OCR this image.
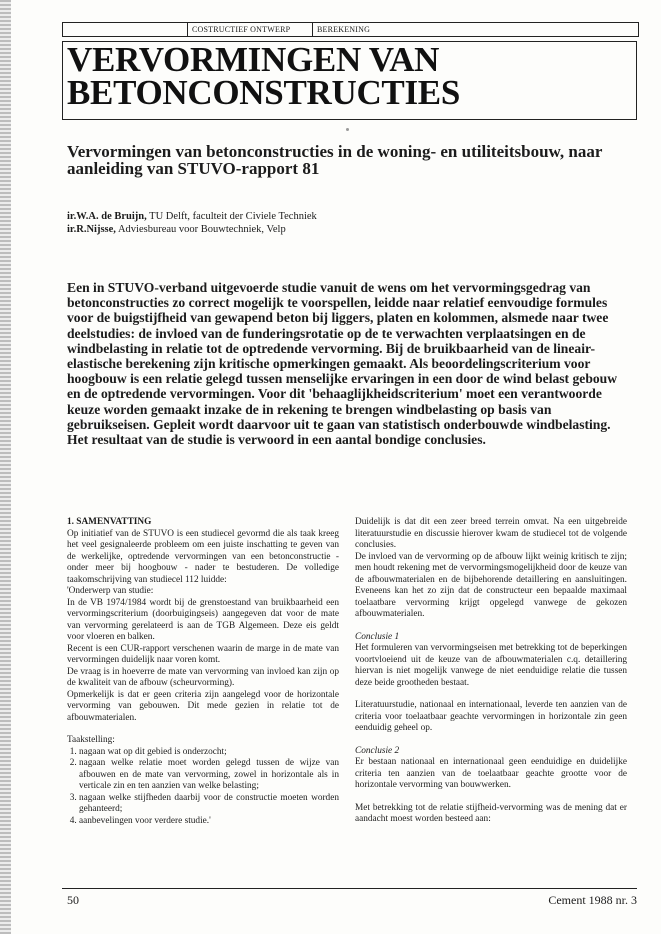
COSTRUCTIEF ONTWERP	BEREKENING
VERVORMINGEN VAN BETONCONSTRUCTIES

Vervormingen van betonconstructies in de woning- en utiliteitsbouw, naar aanleiding van STUVO-rapport 81

ir.W.A. de Bruijn, TU Delft, faculteit der Civiele Techniek
ir.R.Nijsse, Adviesbureau voor Bouwtechniek, Velp

Een in STUVO-verband uitgevoerde studie vanuit de wens om het vervormingsgedrag van betonconstructies zo correct mogelijk te voorspellen, leidde naar relatief eenvoudige formules voor de buigstijfheid van gewapend beton bij liggers, platen en kolommen, alsmede naar twee deelstudies: de invloed van de funderingsrotatie op de te verwachten verplaatsingen en de windbelasting in relatie tot de optredende vervorming. Bij de bruikbaarheid van de lineair-elastische berekening zijn kritische opmerkingen gemaakt. Als beoordelingscriterium voor hoogbouw is een relatie gelegd tussen menselijke ervaringen in een door de wind belast gebouw en de optredende vervormingen. Voor dit 'behaaglijkheidscriterium' moet een verantwoorde keuze worden gemaakt inzake de in rekening te brengen windbelasting op basis van gebruikseisen. Gepleit wordt daarvoor uit te gaan van statistisch onderbouwde windbelasting. Het resultaat van de studie is verwoord in een aantal bondige conclusies.

1. SAMENVATTING

Op initiatief van de STUVO is een studiecel gevormd die als taak kreeg het veel gesignaleerde probleem om een juiste inschatting te geven van de werkelijke, optredende vervormingen van een betonconstructie - onder meer bij hoogbouw - nader te bestuderen. De volledige taakomschrijving van studiecel 112 luidde:

'Onderwerp van studie:

In de VB 1974/1984 wordt bij de grenstoestand van bruikbaarheid een vervormingscriterium (doorbuigingseis) aangegeven dat voor de mate van vervorming gerelateerd is aan de TGB Algemeen. Deze eis geldt voor vloeren en balken.

Recent is een CUR-rapport verschenen waarin de marge in de mate van vervormingen duidelijk naar voren komt.

De vraag is in hoeverre de mate van vervorming van invloed kan zijn op de kwaliteit van de afbouw (scheurvorming).

Opmerkelijk is dat er geen criteria zijn aangelegd voor de horizontale vervorming van gebouwen. Dit mede gezien in relatie tot de afbouwmaterialen.

Taakstelling:

1. nagaan wat op dit gebied is onderzocht;
2. nagaan welke relatie moet worden gelegd tussen de wijze van afbouwen en de mate van vervorming, zowel in horizontale als in verticale zin en ten aanzien van welke belasting;
3. nagaan welke stijfheden daarbij voor de constructie moeten worden gehanteerd;
4. aanbevelingen voor verdere studie.'

Duidelijk is dat dit een zeer breed terrein omvat. Na een uitgebreide literatuurstudie en discussie hierover kwam de studiecel tot de volgende conclusies.

De invloed van de vervorming op de afbouw lijkt weinig kritisch te zijn; men houdt rekening met de vervormingsmogelijkheid door de keuze van de afbouwmaterialen en de bijbehorende detaillering en aansluitingen. Eveneens kan het zo zijn dat de constructeur een bepaalde maximaal toelaatbare vervorming krijgt opgelegd vanwege de gekozen afbouwmaterialen.

Conclusie 1

Het formuleren van vervormingseisen met betrekking tot de beperkingen voortvloeiend uit de keuze van de afbouwmaterialen c.q. detaillering hiervan is niet mogelijk vanwege de niet eenduidige relatie die tussen deze beide grootheden bestaat.

Literatuurstudie, nationaal en internationaal, leverde ten aanzien van de criteria voor toelaatbaar geachte vervormingen in horizontale zin geen eenduidig geheel op.

Conclusie 2

Er bestaan nationaal en internationaal geen eenduidige en duidelijke criteria ten aanzien van de toelaatbaar geachte grootte voor de horizontale vervorming van bouwwerken.

Met betrekking tot de relatie stijfheid-vervorming was de mening dat er aandacht moest worden besteed aan:

50	Cement 1988 nr. 3
